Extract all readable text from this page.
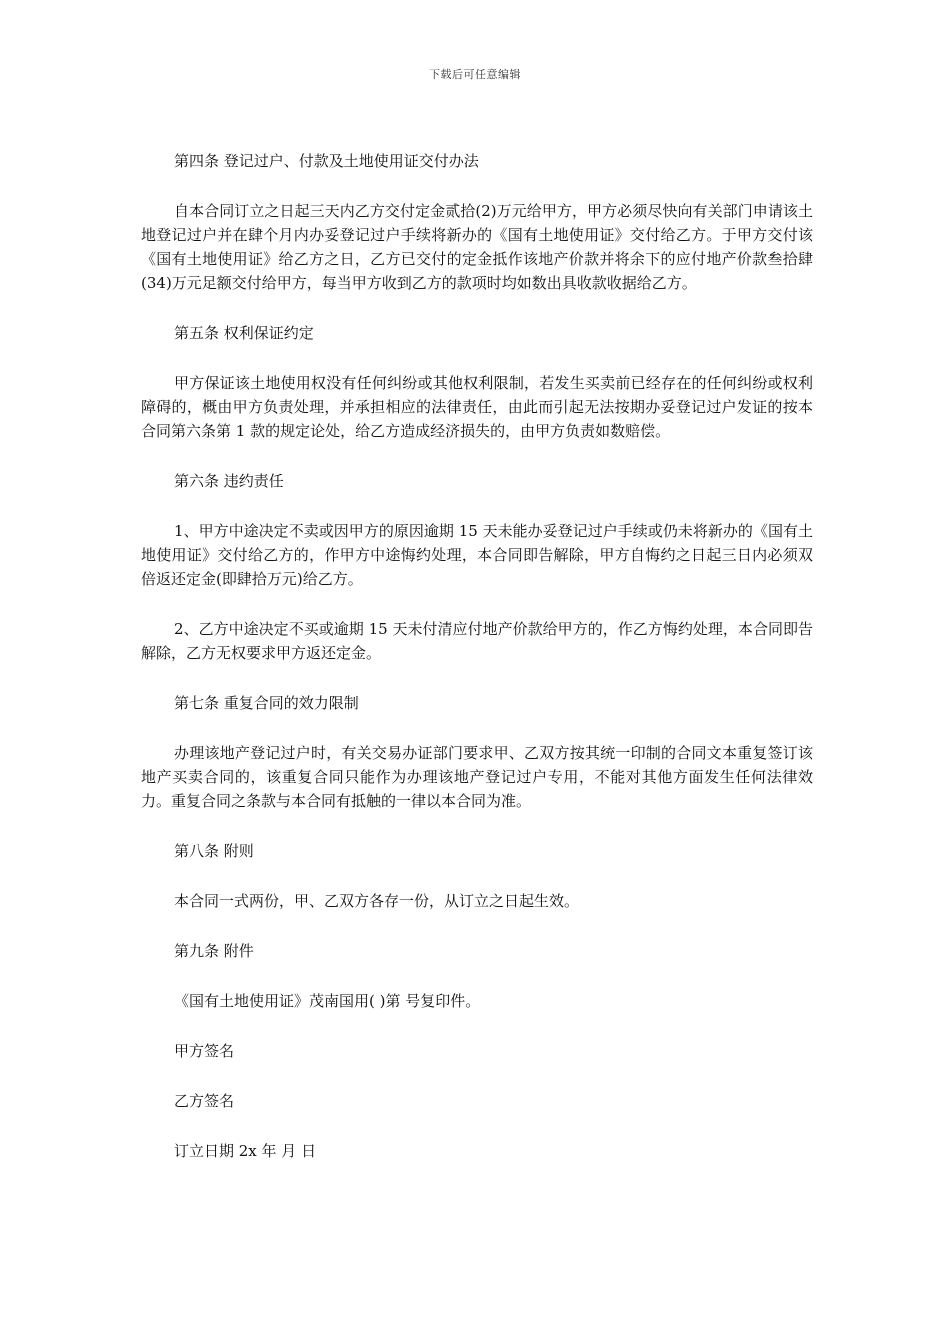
下载后可任意编辑

第四条 登记过户、付款及土地使用证交付办法

自本合同订立之日起三天内乙方交付定金贰拾(2)万元给甲方，甲方必须尽快向有关部门申请该土地登记过户并在肆个月内办妥登记过户手续将新办的《国有土地使用证》交付给乙方。于甲方交付该《国有土地使用证》给乙方之日，乙方已交付的定金抵作该地产价款并将余下的应付地产价款叁拾肆(34)万元足额交付给甲方，每当甲方收到乙方的款项时均如数出具收款收据给乙方。

第五条 权利保证约定

甲方保证该土地使用权没有任何纠纷或其他权利限制，若发生买卖前已经存在的任何纠纷或权利障碍的，概由甲方负责处理，并承担相应的法律责任，由此而引起无法按期办妥登记过户发证的按本合同第六条第 1 款的规定论处，给乙方造成经济损失的，由甲方负责如数赔偿。

第六条 违约责任

1、甲方中途决定不卖或因甲方的原因逾期 15 天未能办妥登记过户手续或仍未将新办的《国有土地使用证》交付给乙方的，作甲方中途悔约处理，本合同即告解除，甲方自悔约之日起三日内必须双倍返还定金(即肆拾万元)给乙方。

2、乙方中途决定不买或逾期 15 天未付清应付地产价款给甲方的，作乙方悔约处理，本合同即告解除，乙方无权要求甲方返还定金。

第七条 重复合同的效力限制

办理该地产登记过户时，有关交易办证部门要求甲、乙双方按其统一印制的合同文本重复签订该地产买卖合同的，该重复合同只能作为办理该地产登记过户专用，不能对其他方面发生任何法律效力。重复合同之条款与本合同有抵触的一律以本合同为准。

第八条 附则

本合同一式两份，甲、乙双方各存一份，从订立之日起生效。

第九条 附件

《国有土地使用证》茂南国用( )第 号复印件。

甲方签名

乙方签名

订立日期 2x 年 月 日
